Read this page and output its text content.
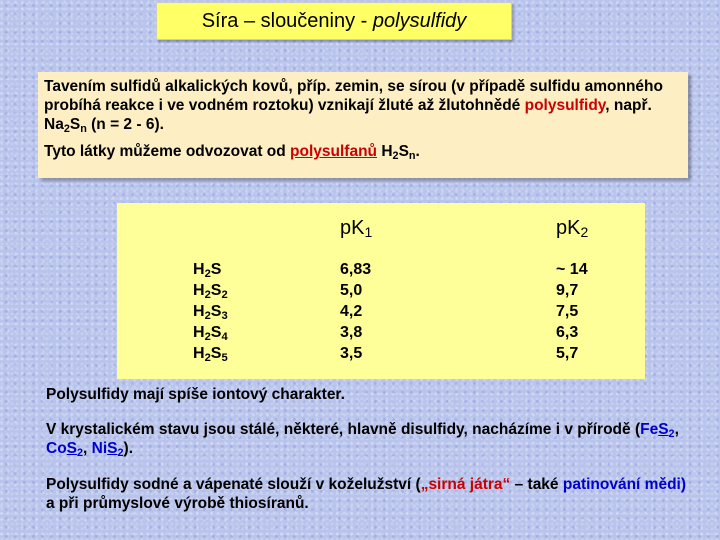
Síra – sloučeniny - polysulfidy

Tavením sulfidů alkalických kovů, příp. zemin, se sírou (v případě sulfidu amonného probíhá reakce i ve vodném roztoku) vznikají žluté až žlutohnědé polysulfidy, např. $Na_2S_n$ (n = 2 - 6).

Tyto látky můžeme odvozovat od polysulfanů $H_2S_n$.

$pK_1$	$pK_2$
$H_2S$
$H_2S_2$
$H_2S_3$
$H_2S_4$
$H_2S_5$
6,83
5,0
4,2
3,8
3,5
~ 14
9,7
7,5
6,3
5,7

Polysulfidy mají spíše iontový charakter.

V krystalickém stavu jsou stálé, některé, hlavně disulfidy, nacházíme i v přírodě (FeS$_2$, CoS$_2$, NiS$_2$).

Polysulfidy sodné a vápenaté slouží v koželužství („sirná játra“ – také patinování mědi) a při průmyslové výrobě thiosíranů.
